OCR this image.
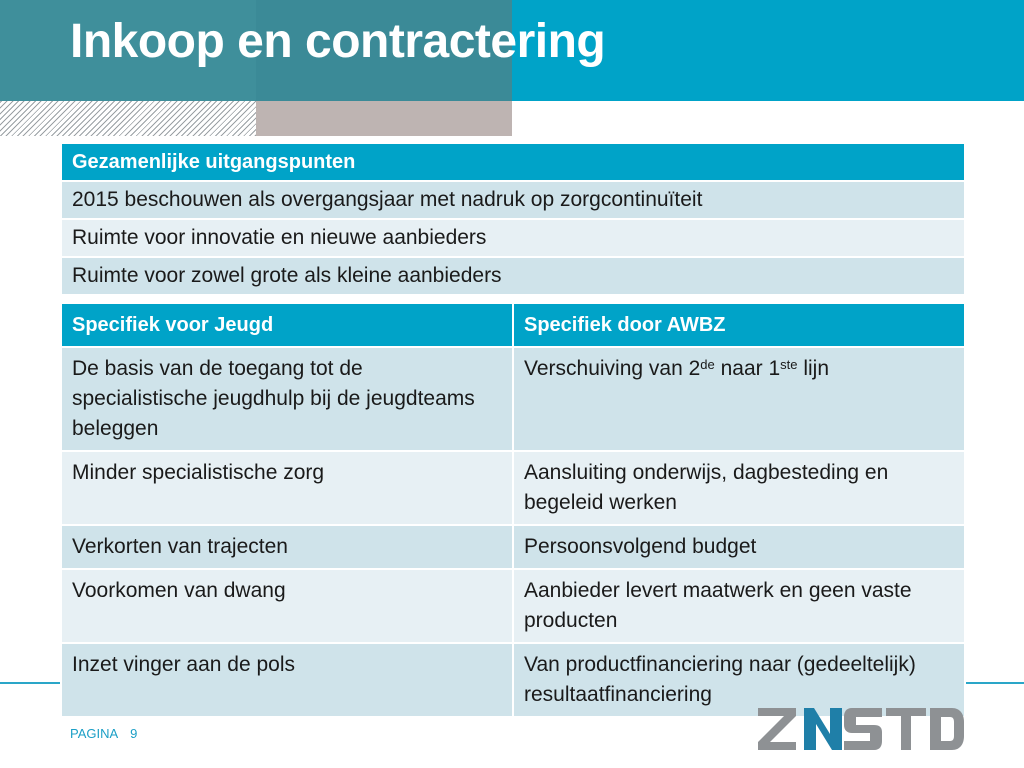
Inkoop en contractering
Gezamenlijke uitgangspunten
2015 beschouwen als overgangsjaar met nadruk op zorgcontinuïteit
Ruimte voor innovatie en nieuwe aanbieders
Ruimte voor zowel grote als kleine aanbieders
Specifiek voor Jeugd	Specifiek door AWBZ
De basis van de toegang tot de specialistische jeugdhulp bij de jeugdteams beleggen	Verschuiving van 2de naar 1ste lijn
Minder specialistische zorg	Aansluiting onderwijs, dagbesteding en begeleid werken
Verkorten van trajecten	Persoonsvolgend budget
Voorkomen van dwang	Aanbieder levert maatwerk en geen vaste producten
Inzet vinger aan de pols	Van productfinanciering naar (gedeeltelijk) resultaatfinanciering
PAGINA 9
